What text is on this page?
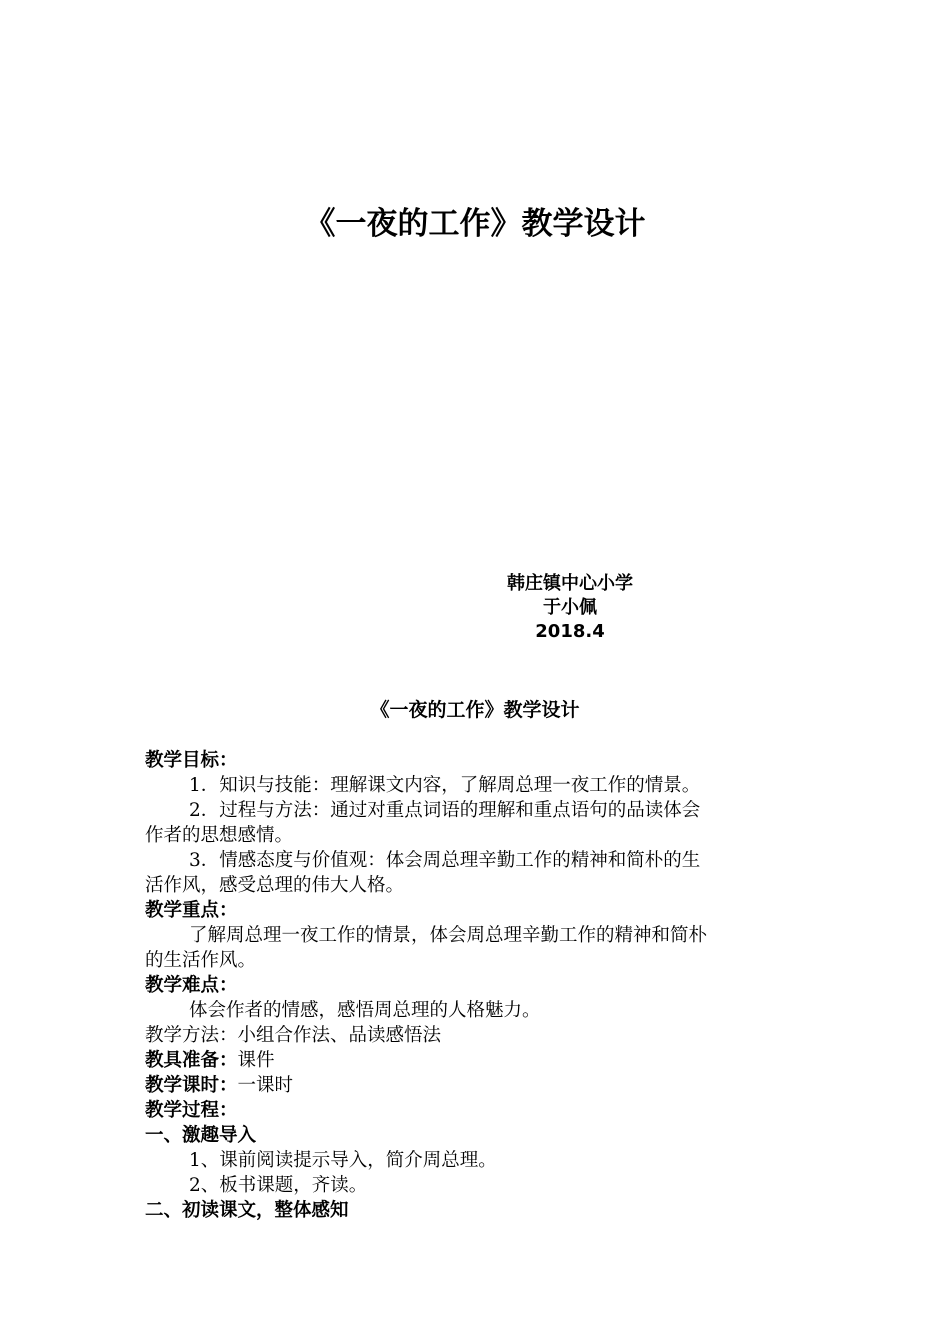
《一夜的工作》教学设计
韩庄镇中心小学
于小佩
2018.4
《一夜的工作》教学设计
教学目标：
1．知识与技能：理解课文内容，了解周总理一夜工作的情景。
2．过程与方法：通过对重点词语的理解和重点语句的品读体会
作者的思想感情。
3．情感态度与价值观：体会周总理辛勤工作的精神和简朴的生
活作风，感受总理的伟大人格。
教学重点：
了解周总理一夜工作的情景，体会周总理辛勤工作的精神和简朴
的生活作风。
教学难点：
体会作者的情感，感悟周总理的人格魅力。
教学方法：小组合作法、品读感悟法
教具准备：课件
教学课时：一课时
教学过程：
一、激趣导入
1、课前阅读提示导入，简介周总理。
2、板书课题，齐读。
二、初读课文，整体感知
